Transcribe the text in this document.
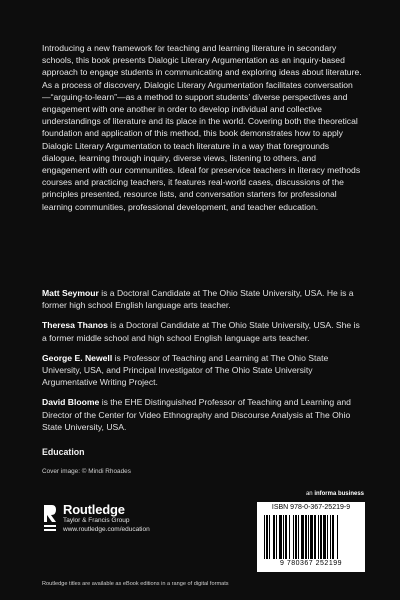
Introducing a new framework for teaching and learning literature in secondary schools, this book presents Dialogic Literary Argumentation as an inquiry-based approach to engage students in communicating and exploring ideas about literature. As a process of discovery, Dialogic Literary Argumentation facilitates conversation—“arguing-to-learn”—as a method to support students’ diverse perspectives and engagement with one another in order to develop individual and collective understandings of literature and its place in the world. Covering both the theoretical foundation and application of this method, this book demonstrates how to apply Dialogic Literary Argumentation to teach literature in a way that foregrounds dialogue, learning through inquiry, diverse views, listening to others, and engagement with our communities. Ideal for preservice teachers in literacy methods courses and practicing teachers, it features real-world cases, discussions of the principles presented, resource lists, and conversation starters for professional learning communities, professional development, and teacher education.

Matt Seymour is a Doctoral Candidate at The Ohio State University, USA. He is a former high school English language arts teacher.

Theresa Thanos is a Doctoral Candidate at The Ohio State University, USA. She is a former middle school and high school English language arts teacher.

George E. Newell is Professor of Teaching and Learning at The Ohio State University, USA, and Principal Investigator of The Ohio State University Argumentative Writing Project.

David Bloome is the EHE Distinguished Professor of Teaching and Learning and Director of the Center for Video Ethnography and Discourse Analysis at The Ohio State University, USA.

Education
Cover image: © Mindi Rhoades
an informa business
Routledge
Taylor & Francis Group
www.routledge.com/education
ISBN 978-0-367-25219-9
9 780367 252199
Routledge titles are available as eBook editions in a range of digital formats
